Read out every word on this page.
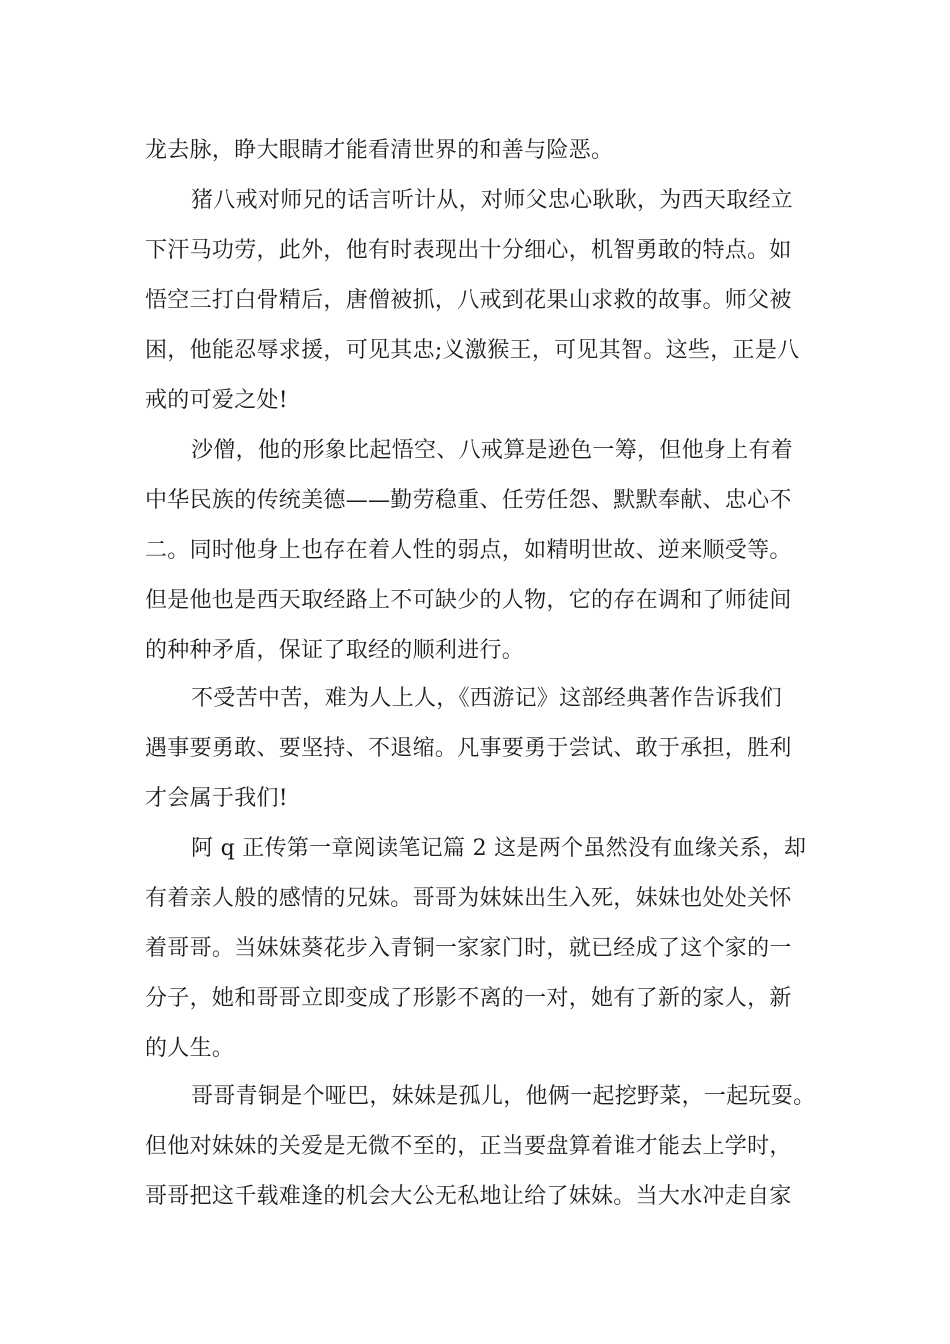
龙去脉，睁大眼睛才能看清世界的和善与险恶。

猪八戒对师兄的话言听计从，对师父忠心耿耿，为西天取经立

下汗马功劳，此外，他有时表现出十分细心，机智勇敢的特点。如

悟空三打白骨精后，唐僧被抓，八戒到花果山求救的故事。师父被

困，他能忍辱求援，可见其忠;义激猴王，可见其智。这些，正是八

戒的可爱之处!

沙僧，他的形象比起悟空、八戒算是逊色一筹，但他身上有着

中华民族的传统美德——勤劳稳重、任劳任怨、默默奉献、忠心不

二。同时他身上也存在着人性的弱点，如精明世故、逆来顺受等。

但是他也是西天取经路上不可缺少的人物，它的存在调和了师徒间

的种种矛盾，保证了取经的顺利进行。

不受苦中苦，难为人上人，《西游记》这部经典著作告诉我们

遇事要勇敢、要坚持、不退缩。凡事要勇于尝试、敢于承担，胜利

才会属于我们!

阿 q 正传第一章阅读笔记篇 2 这是两个虽然没有血缘关系，却

有着亲人般的感情的兄妹。哥哥为妹妹出生入死，妹妹也处处关怀

着哥哥。当妹妹葵花步入青铜一家家门时，就已经成了这个家的一

分子，她和哥哥立即变成了形影不离的一对，她有了新的家人，新

的人生。

哥哥青铜是个哑巴，妹妹是孤儿，他俩一起挖野菜，一起玩耍。

但他对妹妹的关爱是无微不至的，正当要盘算着谁才能去上学时，

哥哥把这千载难逢的机会大公无私地让给了妹妹。当大水冲走自家
